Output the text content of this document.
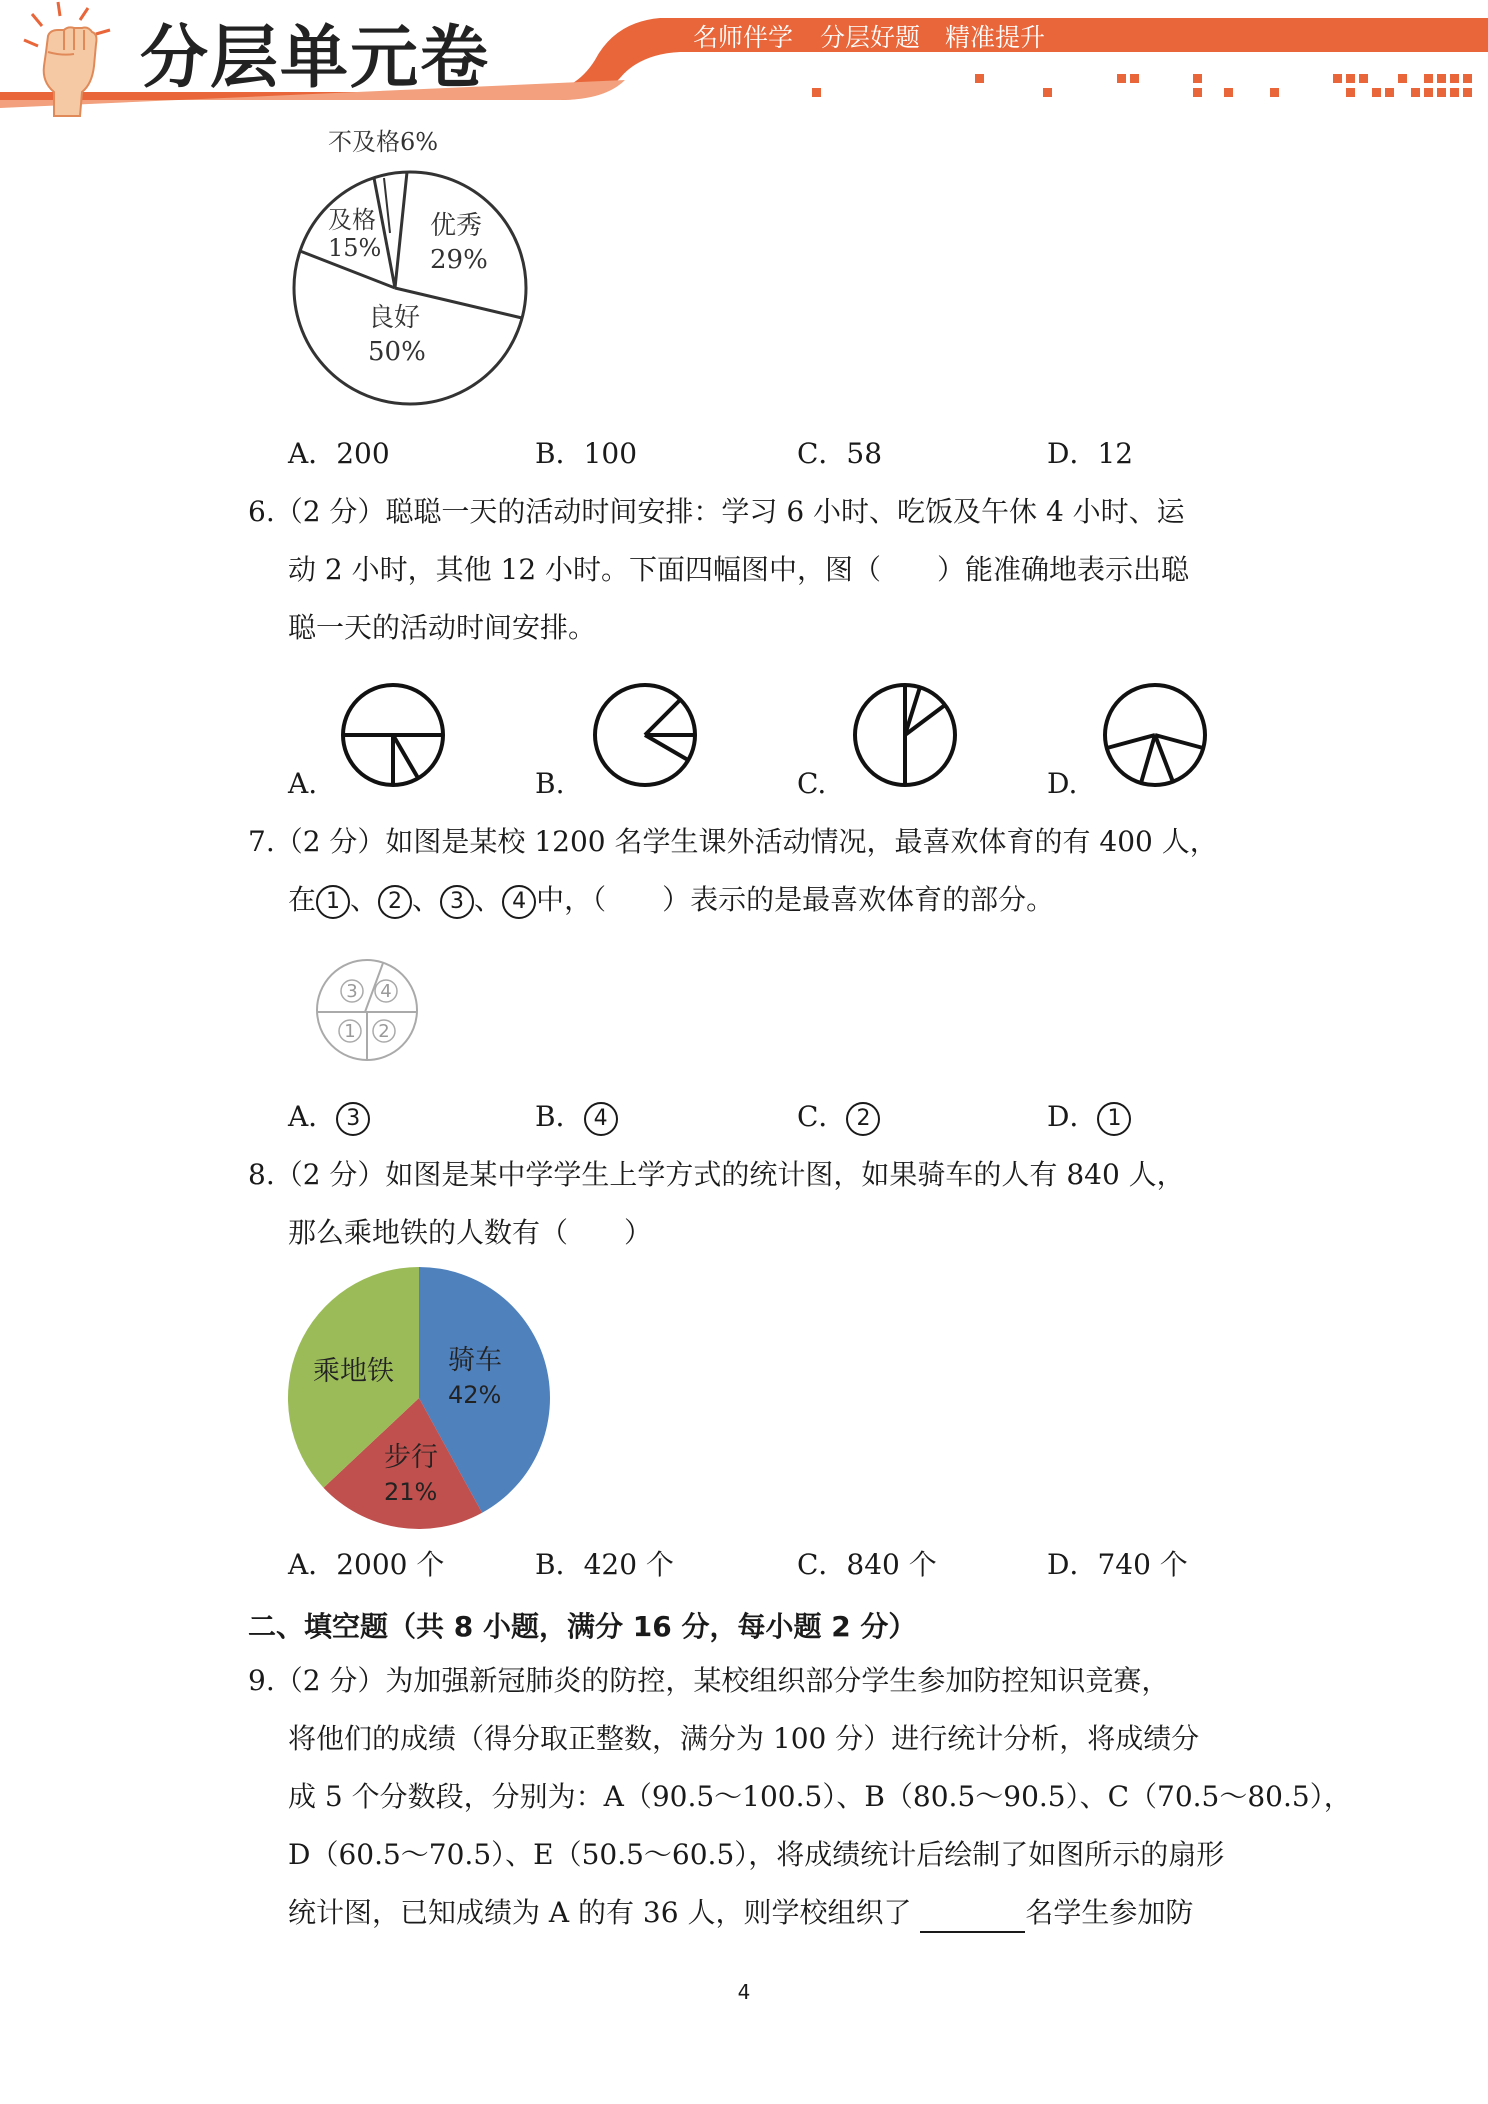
分层单元卷	名师伴学 分层好题 精准提升
不及格6%
及格
15%
优秀
29%
良好
50%
A．200	B．100	C．58	D．12
6.（2 分）聪聪一天的活动时间安排：学习 6 小时、吃饭及午休 4 小时、运
动 2 小时，其他 12 小时。下面四幅图中，图（　　）能准确地表示出聪
聪一天的活动时间安排。
A.	B.	C.	D.
7.（2 分）如图是某校 1200 名学生课外活动情况，最喜欢体育的有 400 人，
在 1 、 2 、 3 、 4 中，（　　）表示的是最喜欢体育的部分。
3 4
1 2
A． 3	B． 4	C． 2	D． 1
8.（2 分）如图是某中学学生上学方式的统计图，如果骑车的人有 840 人，
那么乘地铁的人数有（　　）
乘地铁 骑车
42%
步行
21%
A．2000 个	B．420 个	C．840 个	D．740 个
二、填空题（共 8 小题，满分 16 分，每小题 2 分）
9.（2 分）为加强新冠肺炎的防控，某校组织部分学生参加防控知识竞赛，
将他们的成绩（得分取正整数，满分为 100 分）进行统计分析，将成绩分
成 5 个分数段，分别为：A（90.5～100.5）、B（80.5～90.5）、C（70.5～80.5），
D（60.5～70.5）、E（50.5～60.5），将成绩统计后绘制了如图所示的扇形
统计图，已知成绩为 A 的有 36 人，则学校组织了	名学生参加防
4
